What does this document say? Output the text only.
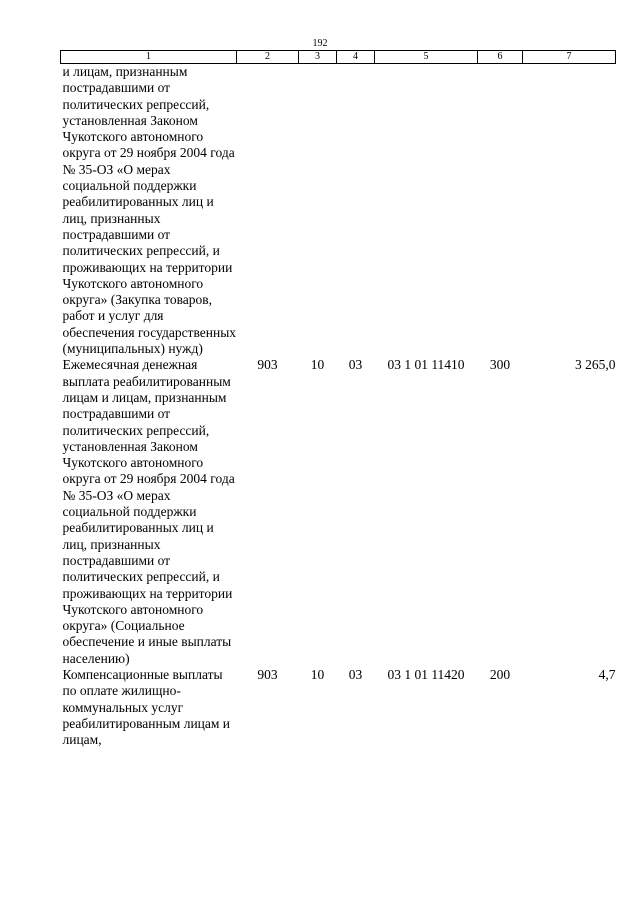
192
1	2	3	4	5	6	7
и лицам, признанным пострадавшими от политических репрессий, установленная Законом Чукотского автономного округа от 29 ноября 2004 года № 35-ОЗ «О мерах социальной поддержки реабилитированных лиц и лиц, признанных пострадавшими от политических репрессий, и проживающих на территории Чукотского автономного округа» (Закупка товаров, работ и услуг для обеспечения государственных (муниципальных) нужд)						
Ежемесячная денежная выплата реабилитированным лицам и лицам, признанным пострадавшими от политических репрессий, установленная Законом Чукотского автономного округа от 29 ноября 2004 года № 35-ОЗ «О мерах социальной поддержки реабилитированных лиц и лиц, признанных пострадавшими от политических репрессий, и проживающих на территории Чукотского автономного округа» (Социальное обеспечение и иные выплаты населению)	903	10	03	03 1 01 11410	300	3 265,0
Компенсационные выплаты по оплате жилищно-коммунальных услуг реабилитированным лицам и лицам,	903	10	03	03 1 01 11420	200	4,7
